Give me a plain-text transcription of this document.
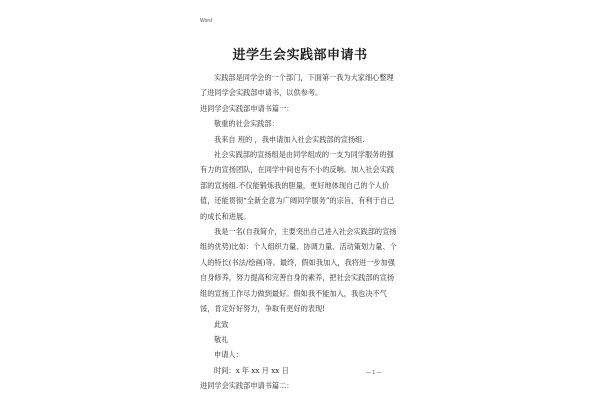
Word
进学生会实践部申请书

实践部是同学会的一个部门，下面第一我为大家细心整理了进同学会实践部申请书，以供参考。

进同学会实践部申请书篇一：

敬重的社会实践部：

我来自 班的 ，我申请加入社会实践部的宣扬组.

社会实践部的宣扬组是由同学组成的一支为同学服务的强有力的宣扬团队，在同学中间也有不小的反响。加入社会实践部的宣扬组.不仅能锻炼我的胆量，更好地体现自己的个人价值，还能贯彻“全新全意为广阔同学服务”的宗旨，有利于自己的成长和进展。

我是一名(自我简介，主要突出自己进入社会实践部的宣扬组的优势)比如：个人组织力量、协调力量、活动策划力量、个人的特长(书法/绘画)等。最终，假如我加入，我将进一步加强自身修养，努力提高和完善自身的素养，把社会实践部的宣扬组的宣扬工作尽力做到最好。假如我不能加入，我也决不气馁，肯定好好努力，争取有更好的表现!

此致

敬礼

申请人：

时间：x 年 xx 月 xx 日

进同学会实践部申请书篇二：

— 1 —
